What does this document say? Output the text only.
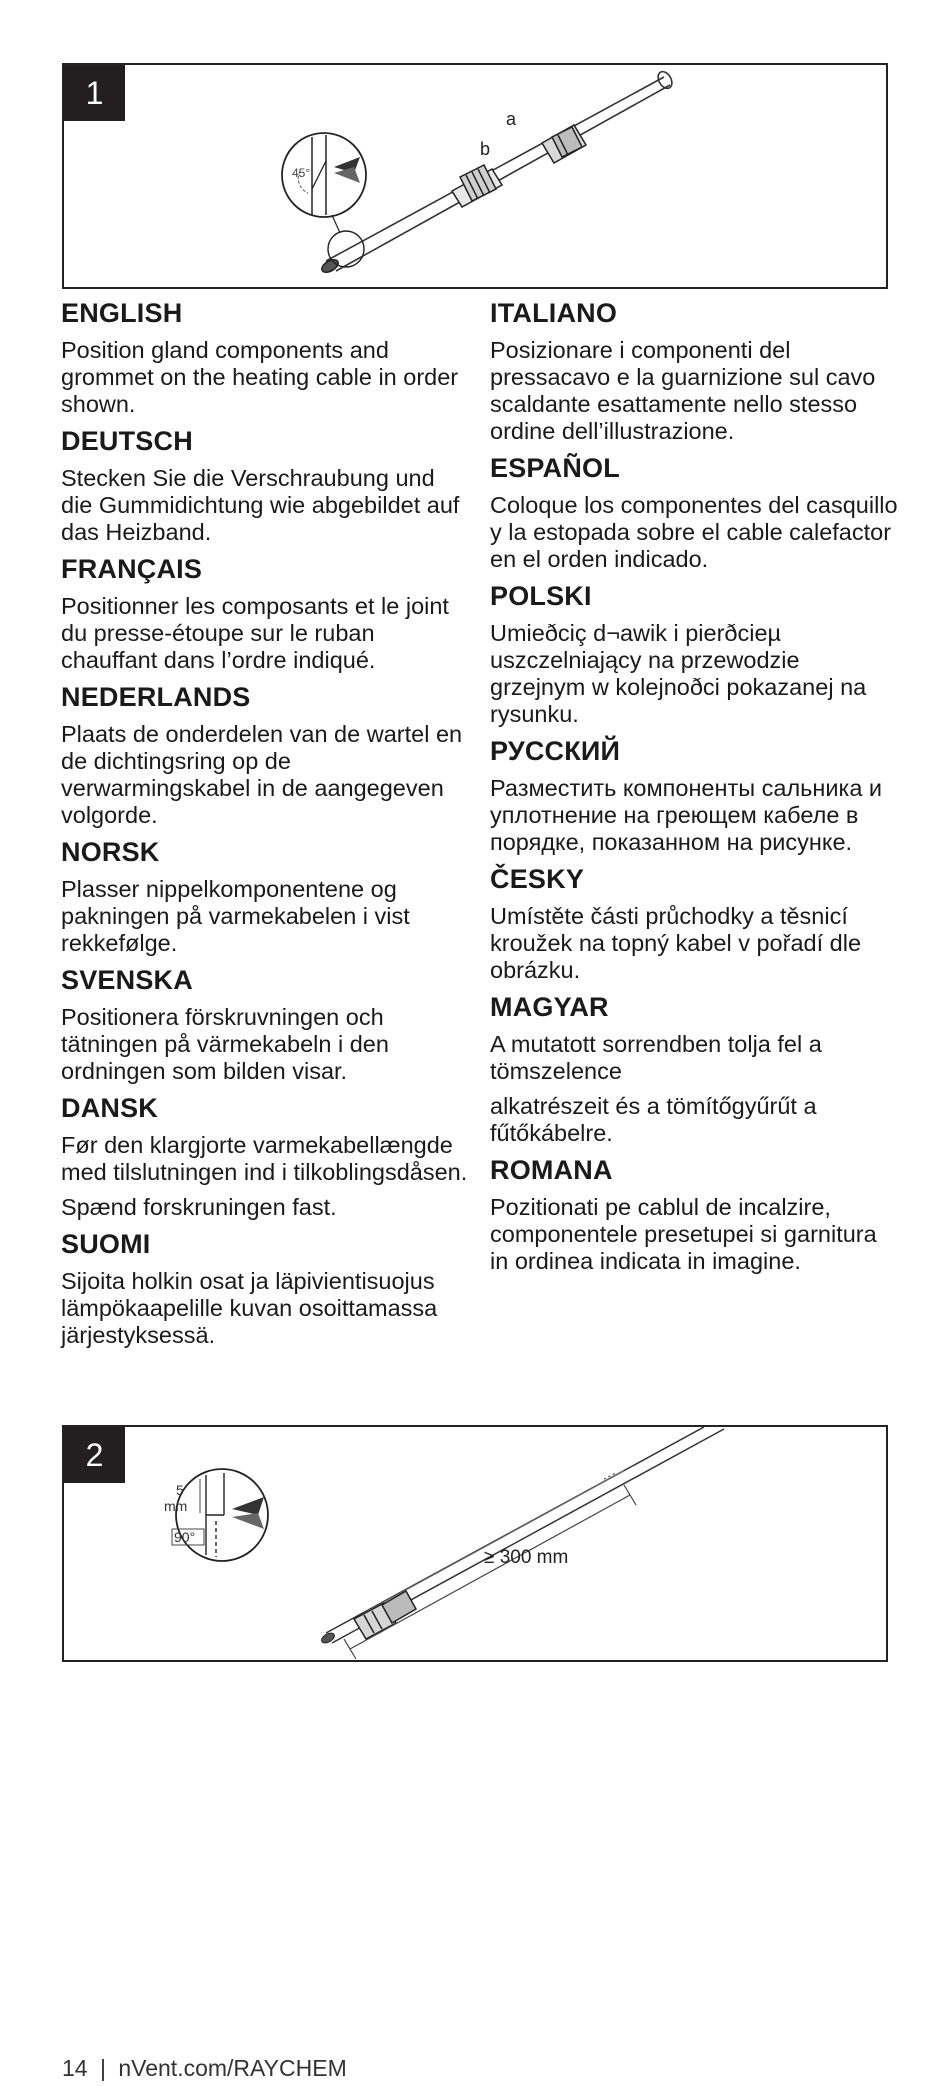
a
b
45°
1
ENGLISH

Position gland components and grommet on the heating cable in order shown.

DEUTSCH

Stecken Sie die Verschraubung und die Gummidichtung wie abgebildet auf das Heizband.

FRANÇAIS

Positionner les composants et le joint du presse-étoupe sur le ruban chauffant dans l’ordre indiqué.

NEDERLANDS

Plaats de onderdelen van de wartel en de dichtingsring op de verwarmingskabel in de aangegeven volgorde.

NORSK

Plasser nippelkomponentene og pakningen på varmekabelen i vist rekkefølge.

SVENSKA

Positionera förskruvningen och tätningen på värmekabeln i den ordningen som bilden visar.

DANSK

Før den klargjorte varmekabellængde med tilslutningen ind i tilkoblingsdåsen.

Spænd forskruningen fast.

SUOMI

Sijoita holkin osat ja läpivientisuojus lämpökaapelille kuvan osoittamassa järjestyksessä.

ITALIANO

Posizionare i componenti del pressacavo e la guarnizione sul cavo scaldante esattamente nello stesso ordine dell’illustrazione.

ESPAÑOL

Coloque los componentes del casquillo y la estopada sobre el cable calefactor en el orden indicado.

POLSKI

Umieðciç d¬awik i pierðcieµ uszczelniający na przewodzie grzejnym w kolejnoðci pokazanej na rysunku.

РУССКИЙ

Разместить компоненты сальника и уплотнение на греющем кабеле в порядке, показанном на рисунке.

ČESKY

Umístěte části průchodky a těsnicí kroužek na topný kabel v pořadí dle obrázku.

MAGYAR

A mutatott sorrendben tolja fel a tömszelence

alkatrészeit és a tömítőgyűrűt a fűtőkábelre.

ROMANA

Pozitionati pe cablul de incalzire, componentele presetupei si garnitura in ordinea indicata in imagine.

≥ 300 mm
5
mm
90°
2
14 | nVent.com/RAYCHEM
